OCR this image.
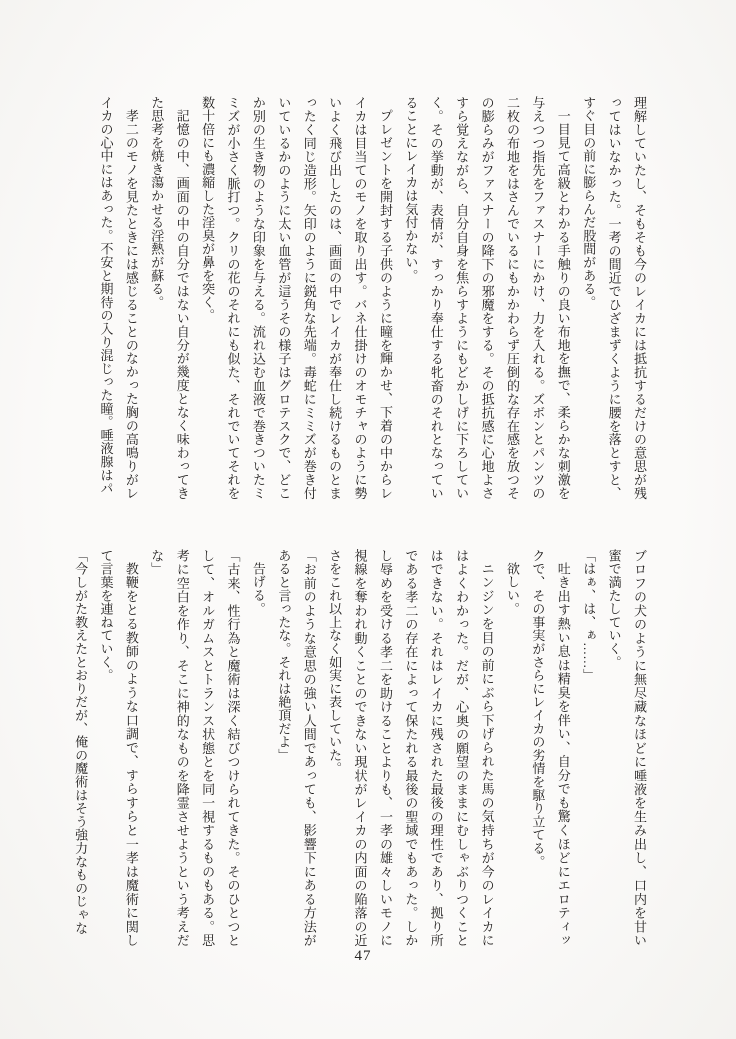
理解していたし、そもそも今のレイカには抵抗するだけの意思が残ってはいなかった。一考の間近でひざまずくように腰を落とすと、すぐ目の前に膨らんだ股間がある。

一目見て高級とわかる手触りの良い布地を撫で、柔らかな刺激を与えつつ指先をファスナーにかけ、力を入れる。ズボンとパンツの二枚の布地をはさんでいるにもかかわらず圧倒的な存在感を放つその膨らみがファスナーの降下の邪魔をする。その抵抗感に心地よさすら覚えながら、自分自身を焦らすようにもどかしげに下ろしていく。その挙動が、表情が、すっかり奉仕する牝畜のそれとなっていることにレイカは気付かない。

プレゼントを開封する子供のように瞳を輝かせ、下着の中からレイカは目当てのモノを取り出す。バネ仕掛けのオモチャのように勢いよく飛び出したのは、画面の中でレイカが奉仕し続けるものとまったく同じ造形。矢印のように鋭角な先端。毒蛇にミミズが巻き付いているかのように太い血管が這うその様子はグロテスクで、どこか別の生き物のような印象を与える。流れ込む血液で巻きついたミミズが小さく脈打つ。クリの花のそれにも似た、それでいてそれを数十倍にも濃縮した淫臭が鼻を突く。

記憶の中、画面の中の自分ではない自分が幾度となく味わってきた思考を焼き蕩かせる淫熱が蘇る。

孝二のモノを見たときには感じることのなかった胸の高鳴りがレイカの心中にはあった。不安と期待の入り混じった瞳。唾液腺はパ

ブロフの犬のように無尽蔵なほどに唾液を生み出し、口内を甘い蜜で満たしていく。

「はぁ、は、ぁ……」

吐き出す熱い息は精臭を伴い、自分でも驚くほどにエロティックで、その事実がさらにレイカの劣情を駆り立てる。

欲しい。

ニンジンを目の前にぶら下げられた馬の気持ちが今のレイカにはよくわかった。だが、心奥の願望のままにむしゃぶりつくことはできない。それはレイカに残された最後の理性であり、拠り所である孝二の存在によって保たれる最後の聖域でもあった。しかし辱めを受ける孝二を助けることよりも、一孝の雄々しいモノに視線を奪われ動くことのできない現状がレイカの内面の陥落の近さをこれ以上なく如実に表していた。

「お前のような意思の強い人間であっても、影響下にある方法があると言ったな。それは絶頂だよ」

告げる。

「古来、性行為と魔術は深く結びつけられてきた。そのひとつとして、オルガムスとトランス状態とを同一視するものもある。思考に空白を作り、そこに神的なものを降霊させようという考えだな」

教鞭をとる教師のような口調で、すらすらと一孝は魔術に関して言葉を連ねていく。

「今しがた教えたとおりだが、俺の魔術はそう強力なものじゃな

47
